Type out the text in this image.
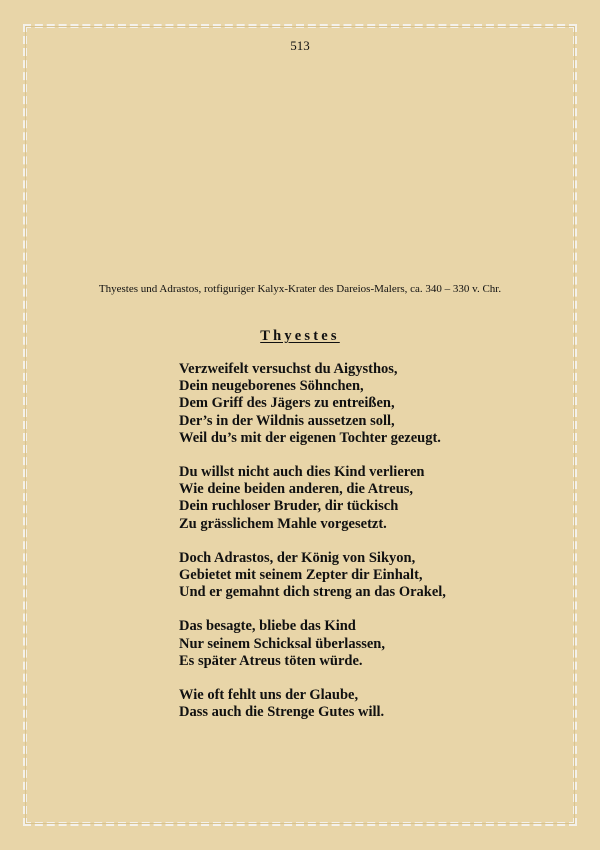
513
Thyestes und Adrastos, rotfiguriger Kalyx-Krater des Dareios-Malers, ca. 340 – 330 v. Chr.
Thyestes
Verzweifelt versuchst du Aigysthos,
Dein neugeborenes Söhnchen,
Dem Griff des Jägers zu entreißen,
Der’s in der Wildnis aussetzen soll,
Weil du’s mit der eigenen Tochter gezeugt.
Du willst nicht auch dies Kind verlieren
Wie deine beiden anderen, die Atreus,
Dein ruchloser Bruder, dir tückisch
Zu grässlichem Mahle vorgesetzt.
Doch Adrastos, der König von Sikyon,
Gebietet mit seinem Zepter dir Einhalt,
Und er gemahnt dich streng an das Orakel,
Das besagte, bliebe das Kind
Nur seinem Schicksal überlassen,
Es später Atreus töten würde.
Wie oft fehlt uns der Glaube,
Dass auch die Strenge Gutes will.
